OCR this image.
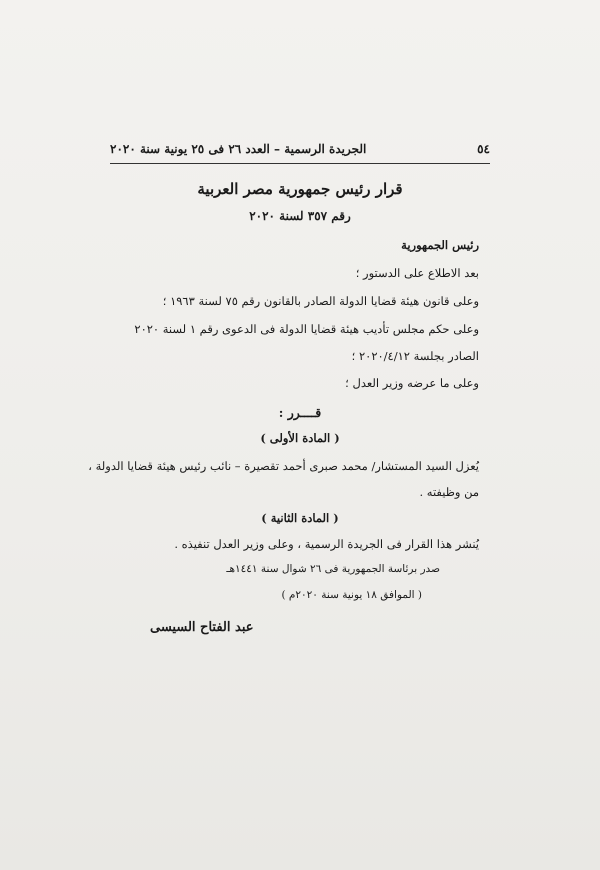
الجريدة الرسمية – العدد ٢٦ فى ٢٥ يونية سنة ٢٠٢٠	٥٤
قرار رئيس جمهورية مصر العربية
رقم ٣٥٧ لسنة ٢٠٢٠
رئيس الجمهورية
بعد الاطلاع على الدستور ؛
وعلى قانون هيئة قضايا الدولة الصادر بالقانون رقم ٧٥ لسنة ١٩٦٣ ؛
وعلى حكم مجلس تأديب هيئة قضايا الدولة فى الدعوى رقم ١ لسنة ٢٠٢٠
الصادر بجلسة ٢٠٢٠/٤/١٢ ؛
وعلى ما عرضه وزير العدل ؛
قــــرر :
( المادة الأولى )
يُعزل السيد المستشار/ محمد صبرى أحمد تقصيرة – نائب رئيس هيئة قضايا الدولة ،
من وظيفته .
( المادة الثانية )
يُنشر هذا القرار فى الجريدة الرسمية ، وعلى وزير العدل تنفيذه .
صدر برئاسة الجمهورية فى ٢٦ شوال سنة ١٤٤١هـ
( الموافق ١٨ يونية سنة ٢٠٢٠م )
عبد الفتاح السيسى
